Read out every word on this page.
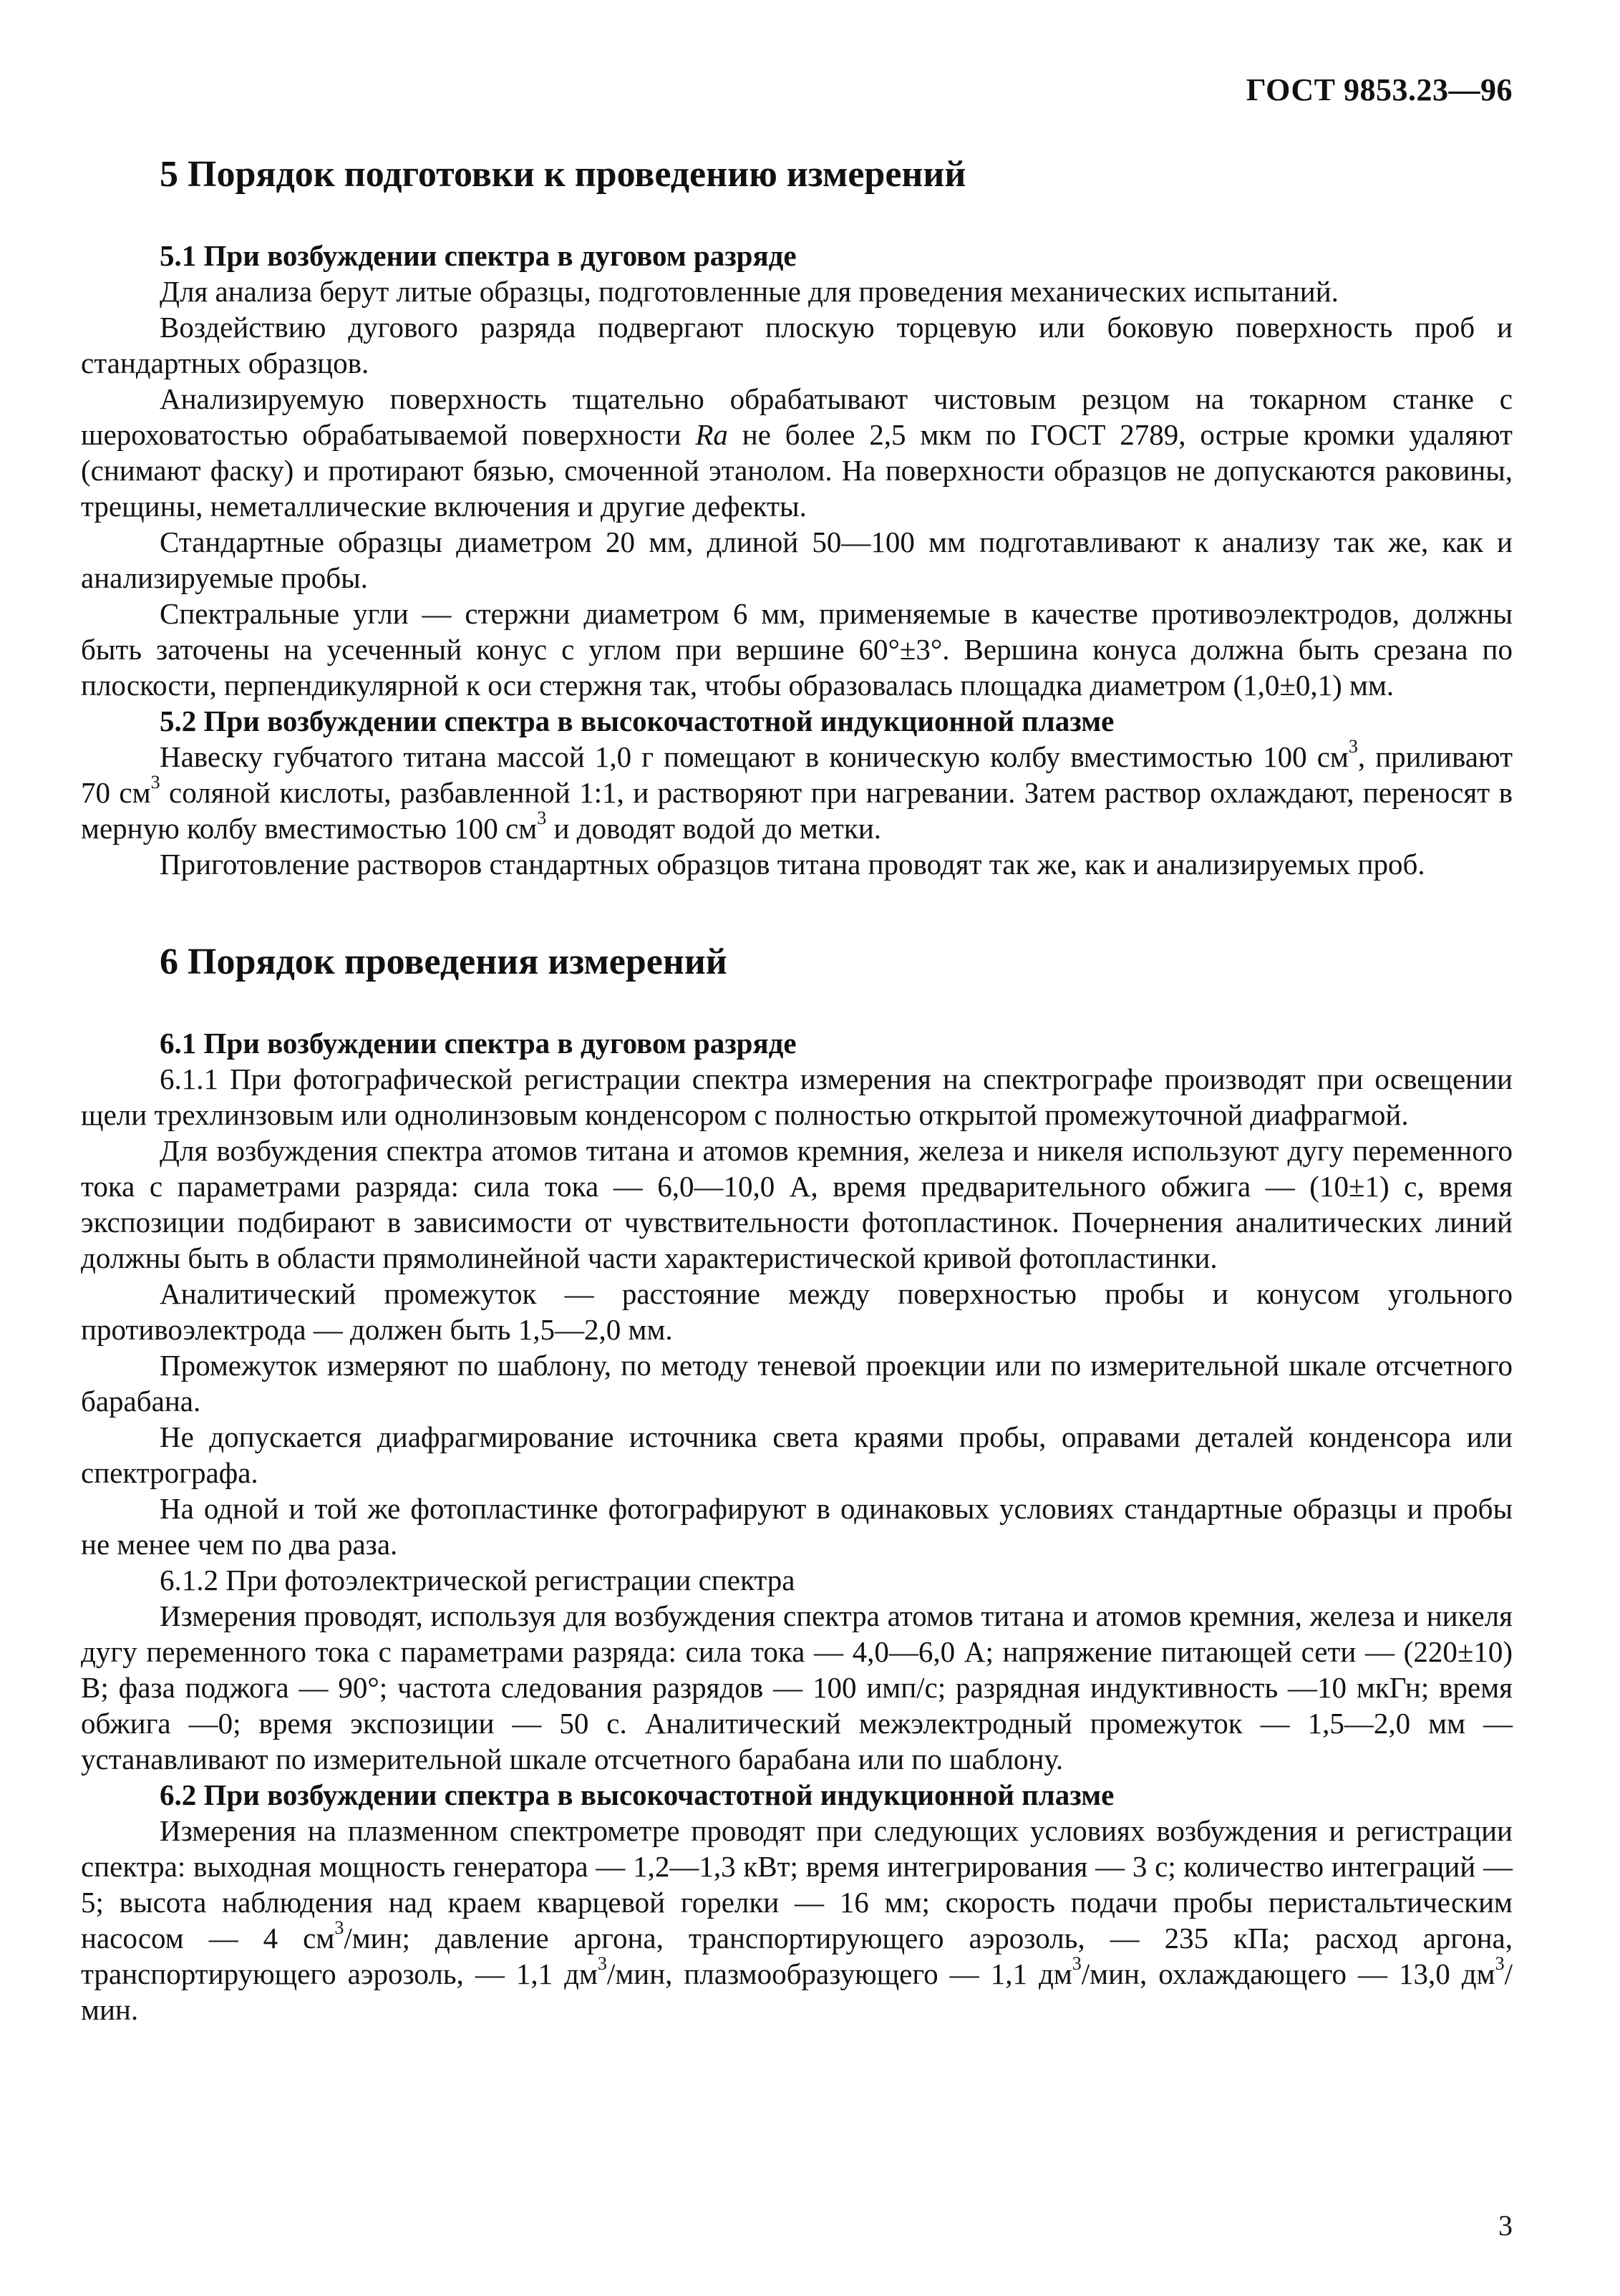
ГОСТ 9853.23—96
5 Порядок подготовки к проведению измерений
5.1 При возбуждении спектра в дуговом разряде

Для анализа берут литые образцы, подготовленные для проведения механических испытаний.

Воздействию дугового разряда подвергают плоскую торцевую или боковую поверхность проб и стандартных образцов.

Анализируемую поверхность тщательно обрабатывают чистовым резцом на токарном станке с шероховатостью обрабатываемой поверхности Ra не более 2,5 мкм по ГОСТ 2789, острые кромки удаляют (снимают фаску) и протирают бязью, смоченной этанолом. На поверхности образцов не допускаются раковины, трещины, неметаллические включения и другие дефекты.

Стандартные образцы диаметром 20 мм, длиной 50—100 мм подготавливают к анализу так же, как и анализируемые пробы.

Спектральные угли — стержни диаметром 6 мм, применяемые в качестве противоэлектродов, должны быть заточены на усеченный конус с углом при вершине 60°±3°. Вершина конуса должна быть срезана по плоскости, перпендикулярной к оси стержня так, чтобы образовалась площадка диаметром (1,0±0,1) мм.

5.2 При возбуждении спектра в высокочастотной индукционной плазме

Навеску губчатого титана массой 1,0 г помещают в коническую колбу вместимостью 100 $см^3$, приливают 70 $см^3$ соляной кислоты, разбавленной 1:1, и растворяют при нагревании. Затем раствор охлаждают, переносят в мерную колбу вместимостью 100 $см^3$ и доводят водой до метки.

Приготовление растворов стандартных образцов титана проводят так же, как и анализируемых проб.

6 Порядок проведения измерений
6.1 При возбуждении спектра в дуговом разряде

6.1.1 При фотографической регистрации спектра измерения на спектрографе производят при освещении щели трехлинзовым или однолинзовым конденсором с полностью открытой промежуточной диафрагмой.

Для возбуждения спектра атомов титана и атомов кремния, железа и никеля используют дугу переменного тока с параметрами разряда: сила тока — 6,0—10,0 А, время предварительного обжига — (10±1) с, время экспозиции подбирают в зависимости от чувствительности фотопластинок. Почернения аналитических линий должны быть в области прямолинейной части характеристической кривой фотопластинки.

Аналитический промежуток — расстояние между поверхностью пробы и конусом угольного противоэлектрода — должен быть 1,5—2,0 мм.

Промежуток измеряют по шаблону, по методу теневой проекции или по измерительной шкале отсчетного барабана.

Не допускается диафрагмирование источника света краями пробы, оправами деталей конденсора или спектрографа.

На одной и той же фотопластинке фотографируют в одинаковых условиях стандартные образцы и пробы не менее чем по два раза.

6.1.2 При фотоэлектрической регистрации спектра

Измерения проводят, используя для возбуждения спектра атомов титана и атомов кремния, железа и никеля дугу переменного тока с параметрами разряда: сила тока — 4,0—6,0 А; напряжение питающей сети — (220±10) В; фаза поджога — 90°; частота следования разрядов — 100 имп/с; разрядная индуктивность —10 мкГн; время обжига —0; время экспозиции — 50 с. Аналитический межэлектродный промежуток — 1,5—2,0 мм — устанавливают по измерительной шкале отсчетного барабана или по шаблону.

6.2 При возбуждении спектра в высокочастотной индукционной плазме

Измерения на плазменном спектрометре проводят при следующих условиях возбуждения и регистрации спектра: выходная мощность генератора — 1,2—1,3 кВт; время интегрирования — 3 с; количество интеграций — 5; высота наблюдения над краем кварцевой горелки — 16 мм; скорость подачи пробы перистальтическим насосом — 4 $см^3$/мин; давление аргона, транспортирующего аэрозоль, — 235 кПа; расход аргона, транспортирующего аэрозоль, — 1,1 $дм^3$/мин, плазмообразующего — 1,1 $дм^3$/мин, охлаждающего — 13,0 $дм^3$/мин.

3
